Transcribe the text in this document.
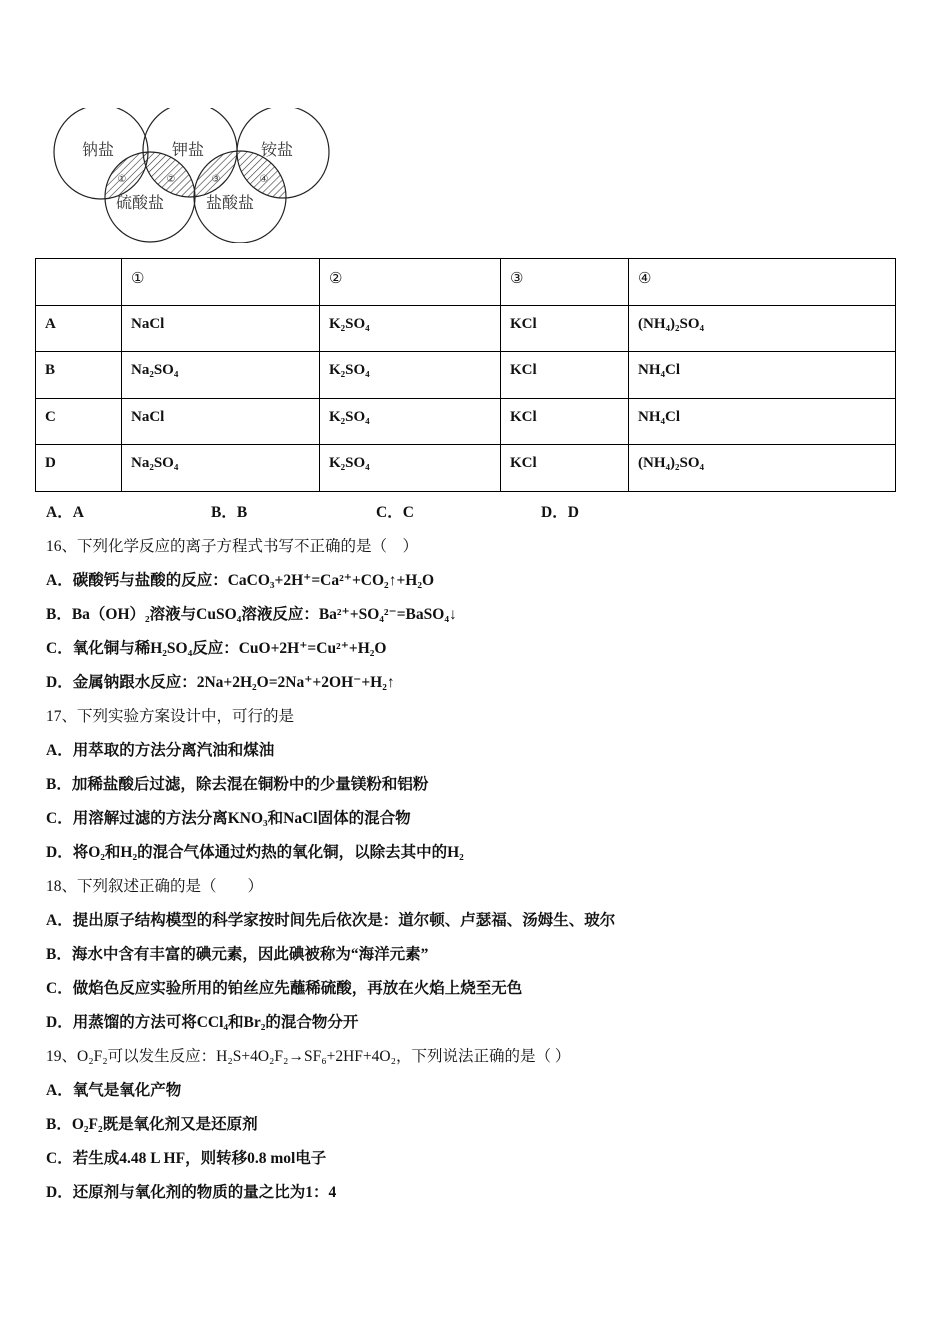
钠盐	钾盐	铵盐
硫酸盐	盐酸盐
①	②	③	④
	①	②	③	④
A	NaCl	K₂SO₄	KCl	(NH₄)₂SO₄
B	Na₂SO₄	K₂SO₄	KCl	NH₄Cl
C	NaCl	K₂SO₄	KCl	NH₄Cl
D	Na₂SO₄	K₂SO₄	KCl	(NH₄)₂SO₄
A．A	B．B	C．C	D．D
16、下列化学反应的离子方程式书写不正确的是（　）
A．碳酸钙与盐酸的反应：CaCO₃+2H⁺=Ca²⁺+CO₂↑+H₂O
B．Ba（OH）₂溶液与CuSO₄溶液反应：Ba²⁺+SO₄²⁻=BaSO₄↓
C．氧化铜与稀H₂SO₄反应：CuO+2H⁺=Cu²⁺+H₂O
D．金属钠跟水反应：2Na+2H₂O=2Na⁺+2OH⁻+H₂↑
17、下列实验方案设计中，可行的是
A．用萃取的方法分离汽油和煤油
B．加稀盐酸后过滤，除去混在铜粉中的少量镁粉和铝粉
C．用溶解过滤的方法分离KNO₃和NaCl固体的混合物
D．将O₂和H₂的混合气体通过灼热的氧化铜，以除去其中的H₂
18、下列叙述正确的是（　　）
A．提出原子结构模型的科学家按时间先后依次是：道尔顿、卢瑟福、汤姆生、玻尔
B．海水中含有丰富的碘元素，因此碘被称为“海洋元素”
C．做焰色反应实验所用的铂丝应先蘸稀硫酸，再放在火焰上烧至无色
D．用蒸馏的方法可将CCl₄和Br₂的混合物分开
19、O₂F₂可以发生反应：H₂S+4O₂F₂→SF₆+2HF+4O₂，下列说法正确的是（ ）
A．氧气是氧化产物
B．O₂F₂既是氧化剂又是还原剂
C．若生成4.48 L HF，则转移0.8 mol电子
D．还原剂与氧化剂的物质的量之比为1：4
